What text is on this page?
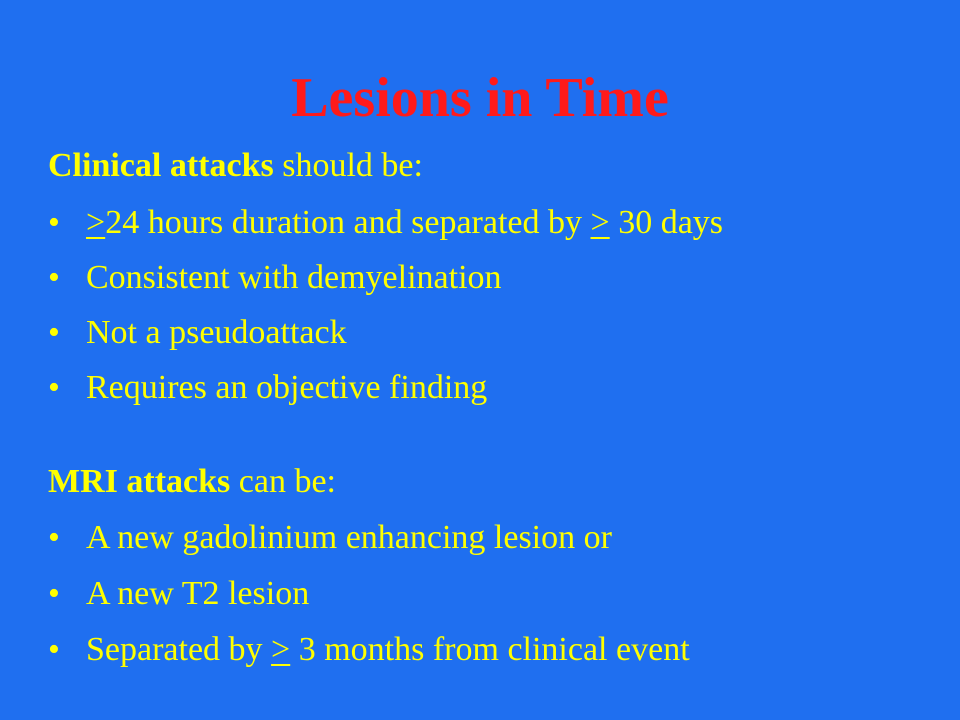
Lesions in Time

Clinical attacks should be:

• ≥24 hours duration and separated by ≥ 30 days

• Consistent with demyelination

• Not a pseudoattack

• Requires an objective finding

MRI attacks can be:

• A new gadolinium enhancing lesion or

• A new T2 lesion

• Separated by ≥ 3 months from clinical event
